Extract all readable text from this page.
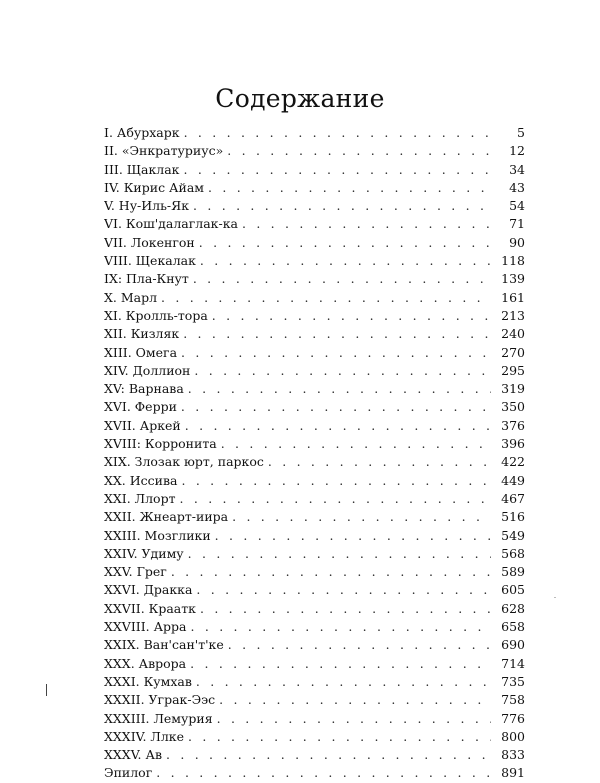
Содержание
I. Абурхарк . . .	5
II. «Энкратуриус» . . .	12
III. Щаклак . . .	34
IV. Кирис Айам . . .	43
V. Ну-Иль-Як . . .	54
VI. Кош'далаглак-ка . . .	71
VII. Локенгон . . .	90
VIII. Щекалак . . .	118
IX: Пла-Кнут . . .	139
X. Марл . . .	161
XI. Кролль-тора . . .	213
XII. Кизляк . . .	240
XIII. Омега . . .	270
XIV. Доллион . . .	295
XV: Варнава . . .	319
XVI. Ферри . . .	350
XVII. Аркей . . .	376
XVIII: Корронита . . .	396
XIX. Злозак юрт, паркос . . .	422
XX. Иссива . . .	449
XXI. Ллорт . . .	467
XXII. Жнеарт-иира . . .	516
XXIII. Мозглики . . .	549
XXIV. Удиму . . .	568
XXV. Грег . . .	589
XXVI. Дракка . . .	605
XXVII. Краатк . . .	628
XXVIII. Арра . . .	658
XXIX. Ван'сан'т'ке . . .	690
XXX. Аврора . . .	714
XXXI. Кумхав . . .	735
XXXII. Уграк-Ээс . . .	758
XXXIII. Лемурия . . .	776
XXXIV. Ллке . . .	800
XXXV. Ав . . .	833
Эпилог . . .	891
